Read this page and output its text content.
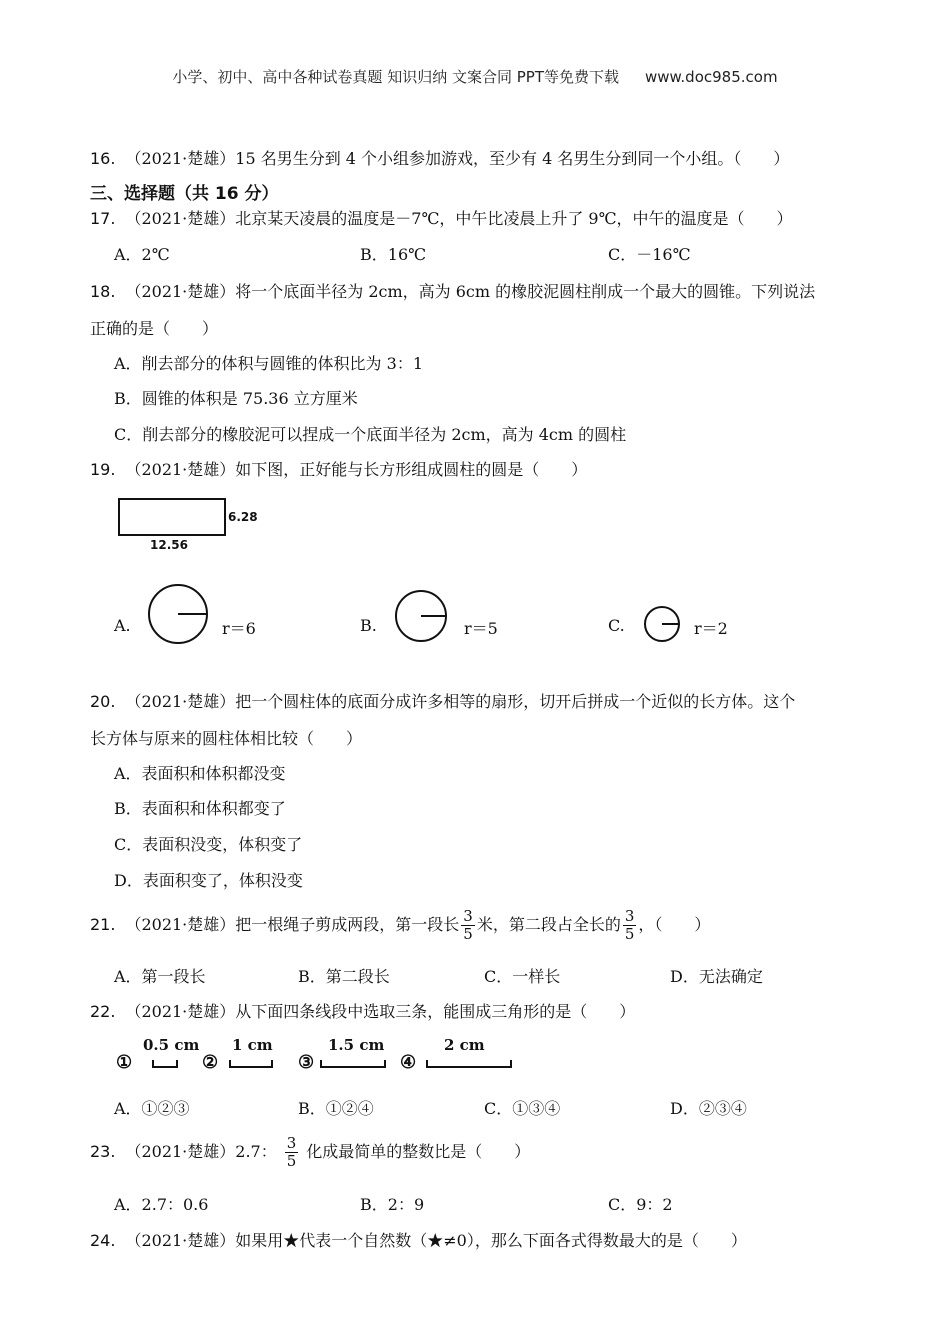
小学、初中、高中各种试卷真题 知识归纳 文案合同 PPT等免费下载 www.doc985.com
16. （2021·楚雄）15 名男生分到 4 个小组参加游戏，至少有 4 名男生分到同一个小组。（　　）
三、选择题（共 16 分）
17. （2021·楚雄）北京某天凌晨的温度是－7℃，中午比凌晨上升了 9℃，中午的温度是（　　）
A．2℃	B．16℃	C．－16℃
18. （2021·楚雄）将一个底面半径为 2cm，高为 6cm 的橡胶泥圆柱削成一个最大的圆锥。下列说法
正确的是（　　）
A．削去部分的体积与圆锥的体积比为 3：1
B．圆锥的体积是 75.36 立方厘米
C．削去部分的橡胶泥可以捏成一个底面半径为 2cm，高为 4cm 的圆柱
19. （2021·楚雄）如下图，正好能与长方形组成圆柱的圆是（　　）
6.28
12.56
A.	r＝6	B.	r＝5	C.	r＝2
20. （2021·楚雄）把一个圆柱体的底面分成许多相等的扇形，切开后拼成一个近似的长方体。这个
长方体与原来的圆柱体相比较（　　）
A．表面积和体积都没变
B．表面积和体积都变了
C．表面积没变，体积变了
D．表面积变了，体积没变
21. （2021·楚雄）把一根绳子剪成两段，第一段长 $\frac{3}{5}$ 米，第二段占全长的 $\frac{3}{5}$ ，（　　）
A．第一段长	B．第二段长	C．一样长	D．无法确定
22. （2021·楚雄）从下面四条线段中选取三条，能围成三角形的是（　　）
①
0.5 cm
②
1 cm
③
1.5 cm
④
2 cm
A．①②③	B．①②④	C．①③④	D．②③④
23. （2021·楚雄）2.7： $\frac{3}{5}$ 化成最简单的整数比是（　　）
A．2.7：0.6	B．2：9	C．9：2
24. （2021·楚雄）如果用★代表一个自然数（★≠0），那么下面各式得数最大的是（　　）
